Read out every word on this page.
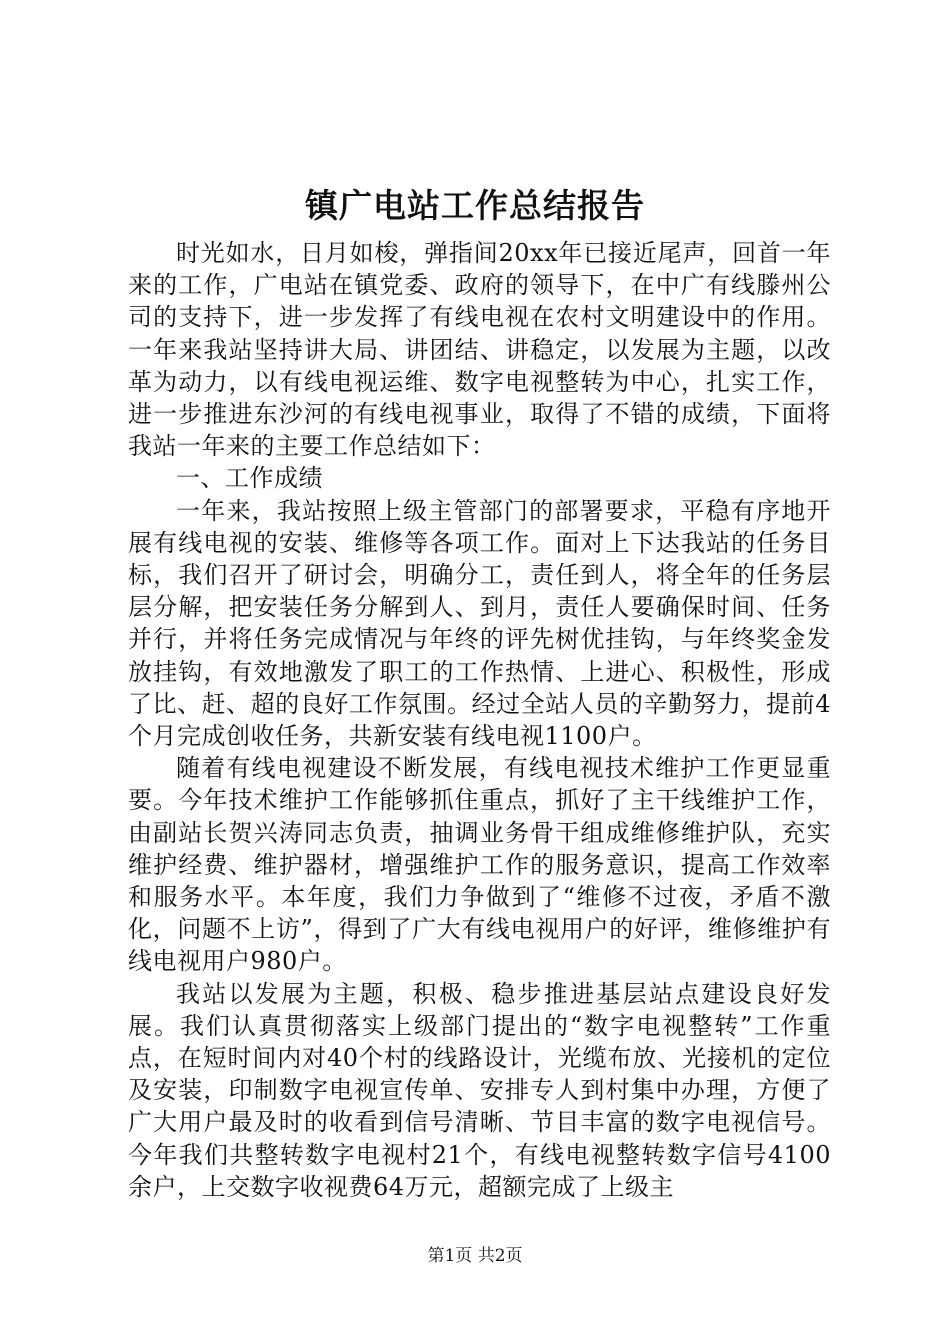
镇广电站工作总结报告

时光如水，日月如梭，弹指间20xx年已接近尾声，回首一年来的工作，广电站在镇党委、政府的领导下，在中广有线滕州公司的支持下，进一步发挥了有线电视在农村文明建设中的作用。一年来我站坚持讲大局、讲团结、讲稳定，以发展为主题，以改革为动力，以有线电视运维、数字电视整转为中心，扎实工作，进一步推进东沙河的有线电视事业，取得了不错的成绩，下面将我站一年来的主要工作总结如下：

一、工作成绩

一年来，我站按照上级主管部门的部署要求，平稳有序地开展有线电视的安装、维修等各项工作。面对上下达我站的任务目标，我们召开了研讨会，明确分工，责任到人，将全年的任务层层分解，把安装任务分解到人、到月，责任人要确保时间、任务并行，并将任务完成情况与年终的评先树优挂钩，与年终奖金发放挂钩，有效地激发了职工的工作热情、上进心、积极性，形成了比、赶、超的良好工作氛围。经过全站人员的辛勤努力，提前4个月完成创收任务，共新安装有线电视1100户。

随着有线电视建设不断发展，有线电视技术维护工作更显重要。今年技术维护工作能够抓住重点，抓好了主干线维护工作，由副站长贺兴涛同志负责，抽调业务骨干组成维修维护队，充实维护经费、维护器材，增强维护工作的服务意识，提高工作效率和服务水平。本年度，我们力争做到了“维修不过夜，矛盾不激化，问题不上访”，得到了广大有线电视用户的好评，维修维护有线电视用户980户。

我站以发展为主题，积极、稳步推进基层站点建设良好发展。我们认真贯彻落实上级部门提出的“数字电视整转”工作重点，在短时间内对40个村的线路设计，光缆布放、光接机的定位及安装，印制数字电视宣传单、安排专人到村集中办理，方便了广大用户最及时的收看到信号清晰、节目丰富的数字电视信号。今年我们共整转数字电视村21个，有线电视整转数字信号4100余户，上交数字收视费64万元，超额完成了上级主

第1页 共2页
